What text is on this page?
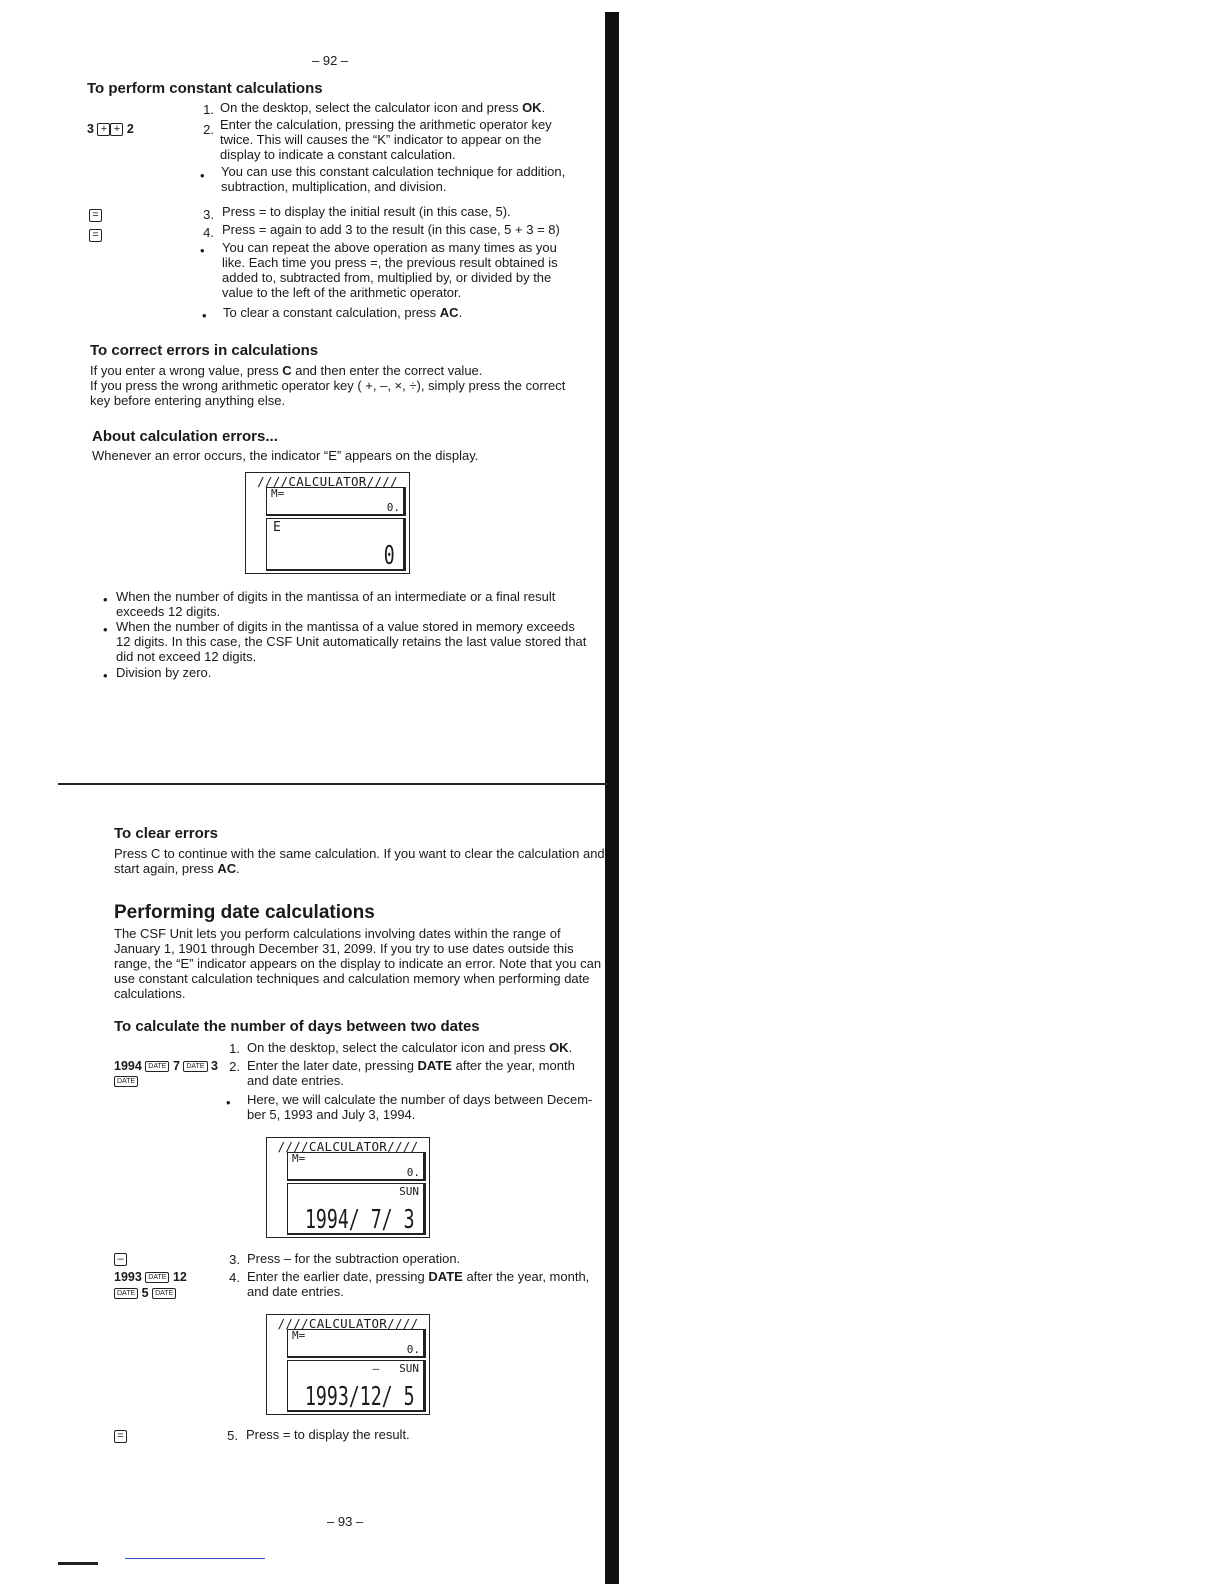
– 92 –
To perform constant calculations
1. On the desktop, select the calculator icon and press OK.
3 + + 2	2. Enter the calculation, pressing the arithmetic operator key
twice. This will causes the “K” indicator to appear on the
display to indicate a constant calculation.
• You can use this constant calculation technique for addition,
subtraction, multiplication, and division.
=	3. Press = to display the initial result (in this case, 5).
=	4. Press = again to add 3 to the result (in this case, 5 + 3 = 8)
• You can repeat the above operation as many times as you
like. Each time you press =, the previous result obtained is
added to, subtracted from, multiplied by, or divided by the
value to the left of the arithmetic operator.
• To clear a constant calculation, press AC.
To correct errors in calculations
If you enter a wrong value, press C and then enter the correct value.
If you press the wrong arithmetic operator key ( +, –, ×, ÷), simply press the correct
key before entering anything else.
About calculation errors...
Whenever an error occurs, the indicator “E” appears on the display.
////CALCULATOR////
M=
0.
E
0
• When the number of digits in the mantissa of an intermediate or a final result
exceeds 12 digits.
• When the number of digits in the mantissa of a value stored in memory exceeds
12 digits. In this case, the CSF Unit automatically retains the last value stored that
did not exceed 12 digits.
• Division by zero.
To clear errors
Press C to continue with the same calculation. If you want to clear the calculation and
start again, press AC.
Performing date calculations
The CSF Unit lets you perform calculations involving dates within the range of
January 1, 1901 through December 31, 2099. If you try to use dates outside this
range, the “E” indicator appears on the display to indicate an error. Note that you can
use constant calculation techniques and calculation memory when performing date
calculations.
To calculate the number of days between two dates
1. On the desktop, select the calculator icon and press OK.
1994 DATE 7 DATE 3
DATE
2. Enter the later date, pressing DATE after the year, month
and date entries.
• Here, we will calculate the number of days between Decem-
ber 5, 1993 and July 3, 1994.
////CALCULATOR////
M=
0.
SUN
1994/ 7/ 3
–	3. Press – for the subtraction operation.
1993 DATE 12
DATE 5 DATE
4. Enter the earlier date, pressing DATE after the year, month,
and date entries.
////CALCULATOR////
M=
0.
–   SUN
1993/12/ 5
=	5. Press = to display the result.
– 93 –
